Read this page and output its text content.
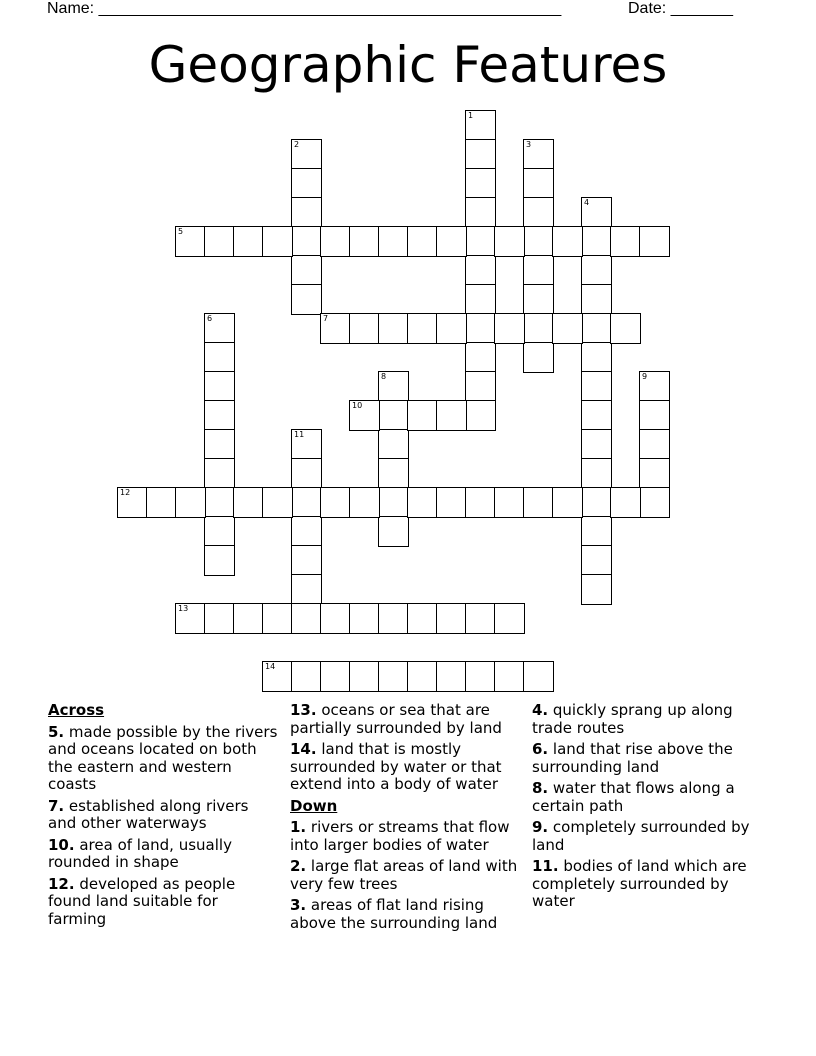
Name: ____________________________________________________	Date: _______
Geographic Features
1
2	3
4
5
6	7
8	9
10
11
12
13
14
Across
5. made possible by the rivers and oceans located on both the eastern and western coasts
7. established along rivers and other waterways
10. area of land, usually rounded in shape
12. developed as people found land suitable for farming
13. oceans or sea that are partially surrounded by land
14. land that is mostly surrounded by water or that extend into a body of water
Down
1. rivers or streams that flow into larger bodies of water
2. large flat areas of land with very few trees
3. areas of flat land rising above the surrounding land
4. quickly sprang up along trade routes
6. land that rise above the surrounding land
8. water that flows along a certain path
9. completely surrounded by land
11. bodies of land which are completely surrounded by water
